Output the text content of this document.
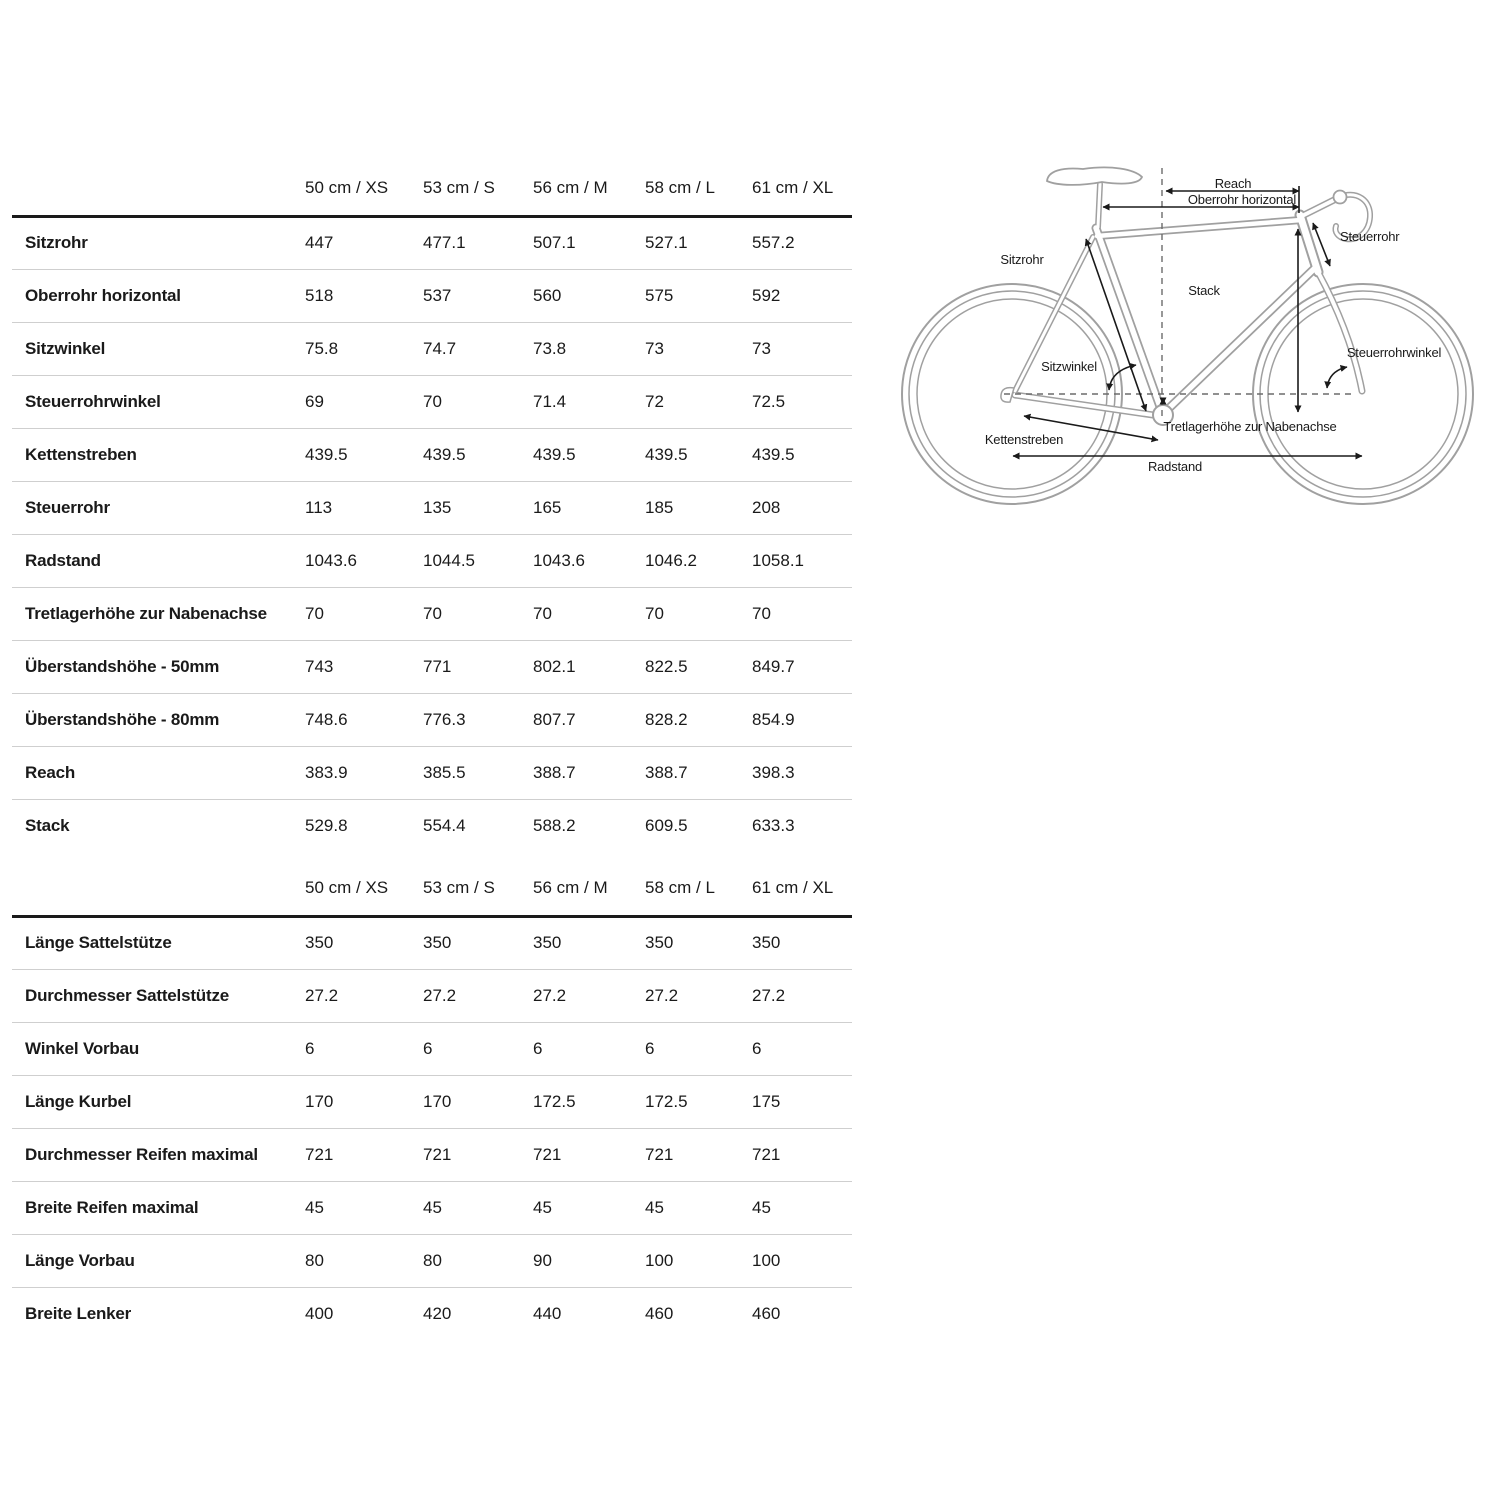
	50 cm / XS	53 cm / S	56 cm / M	58 cm / L	61 cm / XL
Sitzrohr	447	477.1	507.1	527.1	557.2
Oberrohr horizontal	518	537	560	575	592
Sitzwinkel	75.8	74.7	73.8	73	73
Steuerrohrwinkel	69	70	71.4	72	72.5
Kettenstreben	439.5	439.5	439.5	439.5	439.5
Steuerrohr	113	135	165	185	208
Radstand	1043.6	1044.5	1043.6	1046.2	1058.1
Tretlagerhöhe zur Nabenachse	70	70	70	70	70
Überstandshöhe - 50mm	743	771	802.1	822.5	849.7
Überstandshöhe - 80mm	748.6	776.3	807.7	828.2	854.9
Reach	383.9	385.5	388.7	388.7	398.3
Stack	529.8	554.4	588.2	609.5	633.3
	50 cm / XS	53 cm / S	56 cm / M	58 cm / L	61 cm / XL
Länge Sattelstütze	350	350	350	350	350
Durchmesser Sattelstütze	27.2	27.2	27.2	27.2	27.2
Winkel Vorbau	6	6	6	6	6
Länge Kurbel	170	170	172.5	172.5	175
Durchmesser Reifen maximal	721	721	721	721	721
Breite Reifen maximal	45	45	45	45	45
Länge Vorbau	80	80	90	100	100
Breite Lenker	400	420	440	460	460
Reach
Oberrohr horizontal
Steuerrohr
Sitzrohr
Stack
Sitzwinkel
Steuerrohrwinkel
Tretlagerhöhe zur Nabenachse
Kettenstreben
Radstand
